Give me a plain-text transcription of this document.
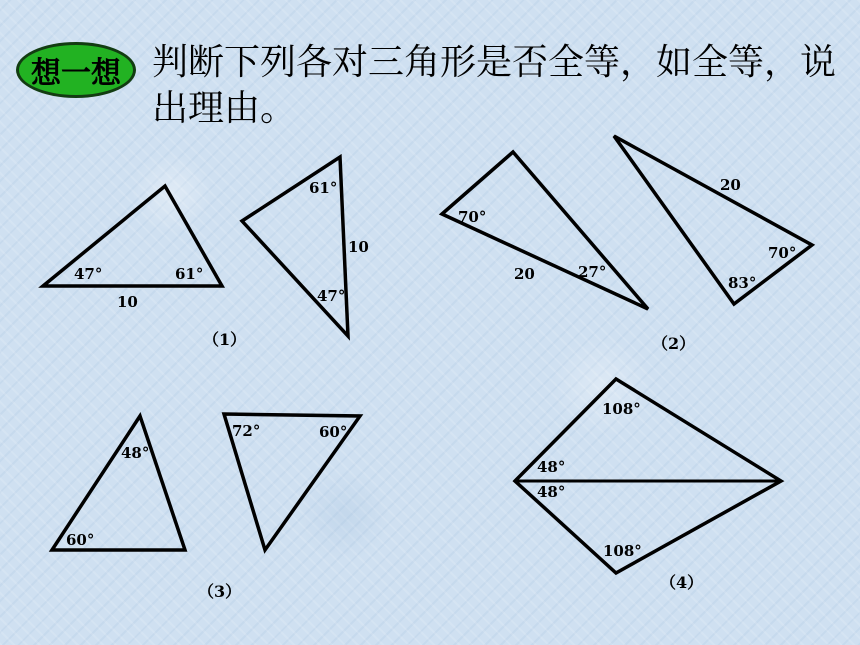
想一想 判断下列各对三角形是否全等，如全等，说出理由。
47°	61°
10
61°
10
47°
（1）
70°
20	27°
20
70°
83°
（2）
48°
60°
72°	60°
（3）
108°
48°
48°
108°
（4）
